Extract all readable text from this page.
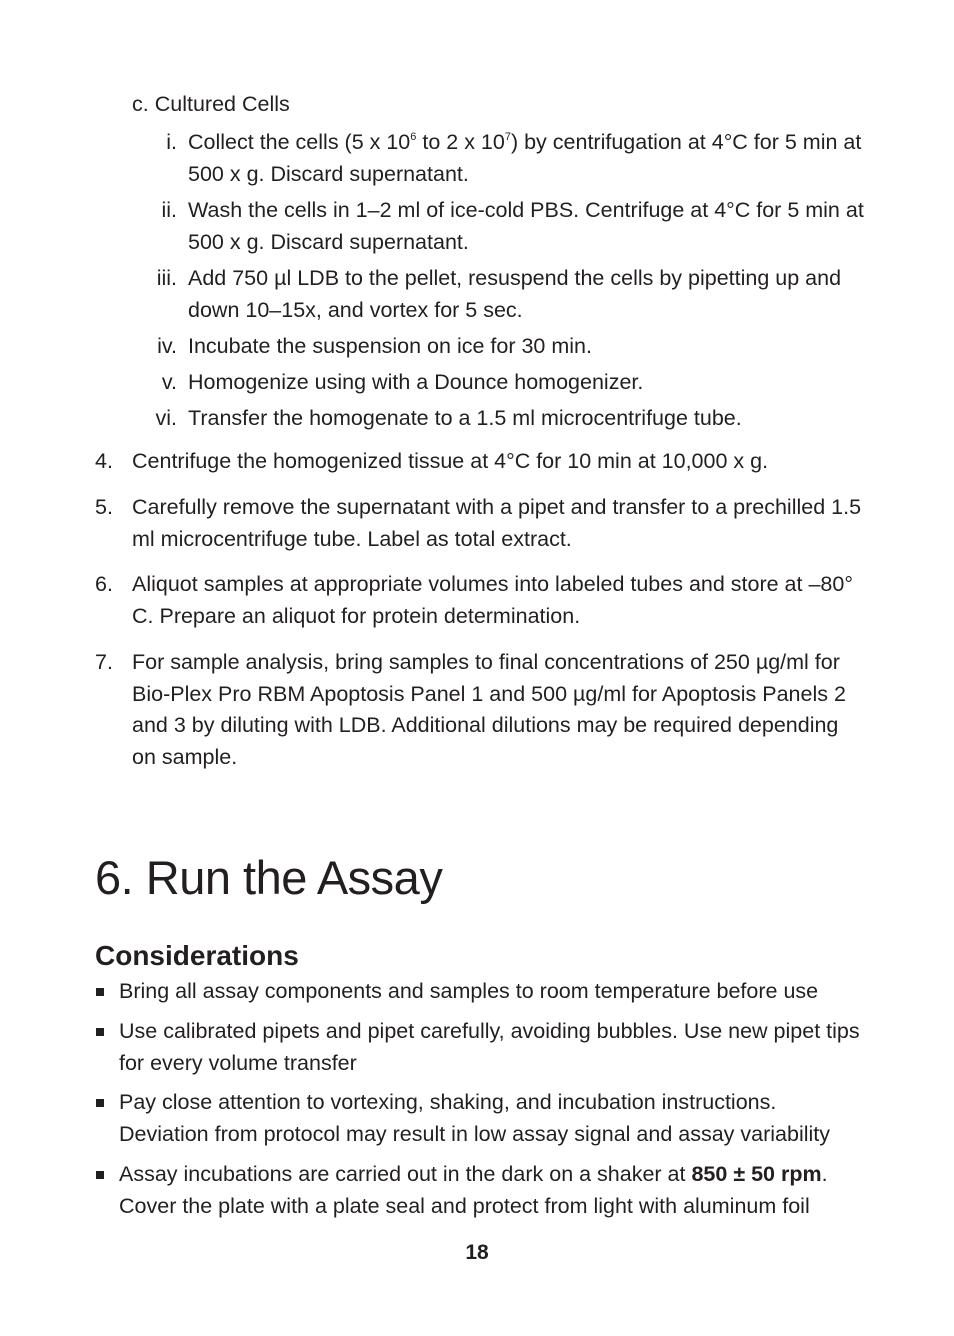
c. Cultured Cells
i. Collect the cells (5 x $10^6$ to 2 x $10^7$) by centrifugation at 4°C for 5 min at 500 x g. Discard supernatant.
ii. Wash the cells in 1–2 ml of ice-cold PBS. Centrifuge at 4°C for 5 min at 500 x g. Discard supernatant.
iii. Add 750 µl LDB to the pellet, resuspend the cells by pipetting up and down 10–15x, and vortex for 5 sec.
iv. Incubate the suspension on ice for 30 min.
v. Homogenize using with a Dounce homogenizer.
vi. Transfer the homogenate to a 1.5 ml microcentrifuge tube.
4. Centrifuge the homogenized tissue at 4°C for 10 min at 10,000 x g.
5. Carefully remove the supernatant with a pipet and transfer to a prechilled 1.5 ml microcentrifuge tube. Label as total extract.
6. Aliquot samples at appropriate volumes into labeled tubes and store at –80° C. Prepare an aliquot for protein determination.
7. For sample analysis, bring samples to final concentrations of 250 µg/ml for Bio-Plex Pro RBM Apoptosis Panel 1 and 500 µg/ml for Apoptosis Panels 2 and 3 by diluting with LDB. Additional dilutions may be required depending on sample.
6. Run the Assay
Considerations
Bring all assay components and samples to room temperature before use
Use calibrated pipets and pipet carefully, avoiding bubbles. Use new pipet tips for every volume transfer
Pay close attention to vortexing, shaking, and incubation instructions. Deviation from protocol may result in low assay signal and assay variability
Assay incubations are carried out in the dark on a shaker at 850 ± 50 rpm. Cover the plate with a plate seal and protect from light with aluminum foil
18
